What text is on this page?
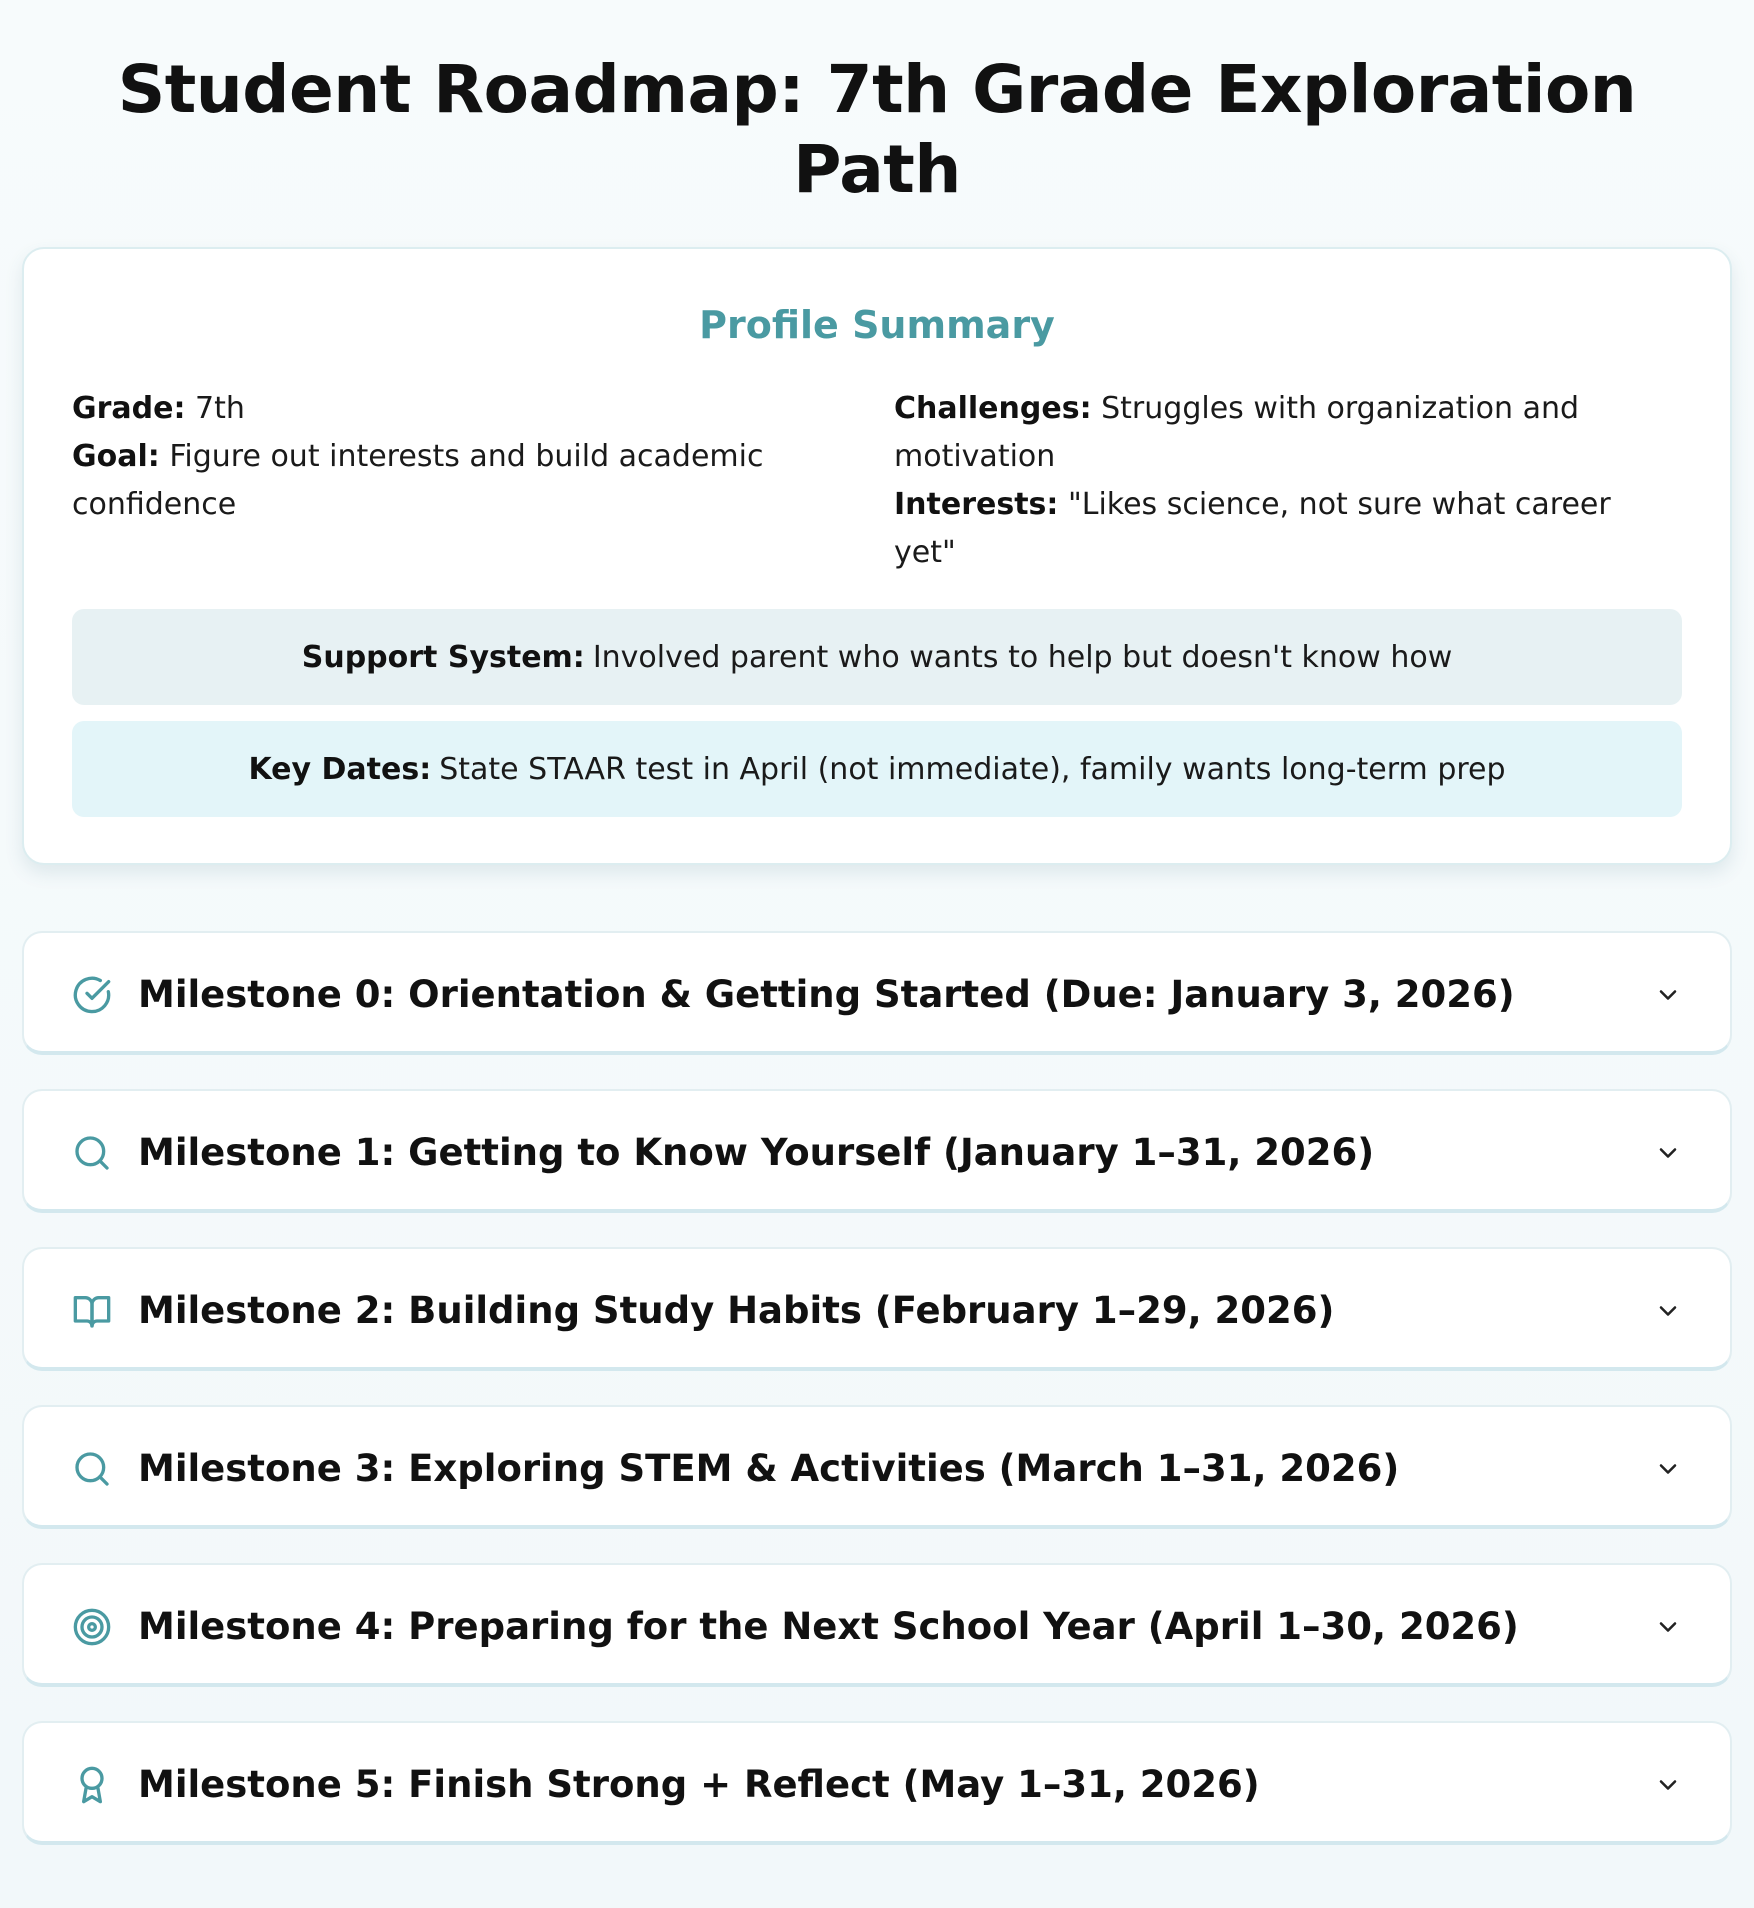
Student Roadmap: 7th Grade Exploration Path
Profile Summary
Grade: 7th
Goal: Figure out interests and build academic confidence
Challenges: Struggles with organization and motivation
Interests: "Likes science, not sure what career yet"
Support System: Involved parent who wants to help but doesn't know how
Key Dates: State STAAR test in April (not immediate), family wants long-term prep
Milestone 0: Orientation & Getting Started (Due: January 3, 2026)
Milestone 1: Getting to Know Yourself (January 1–31, 2026)
Milestone 2: Building Study Habits (February 1–29, 2026)
Milestone 3: Exploring STEM & Activities (March 1–31, 2026)
Milestone 4: Preparing for the Next School Year (April 1–30, 2026)
Milestone 5: Finish Strong + Reflect (May 1–31, 2026)
